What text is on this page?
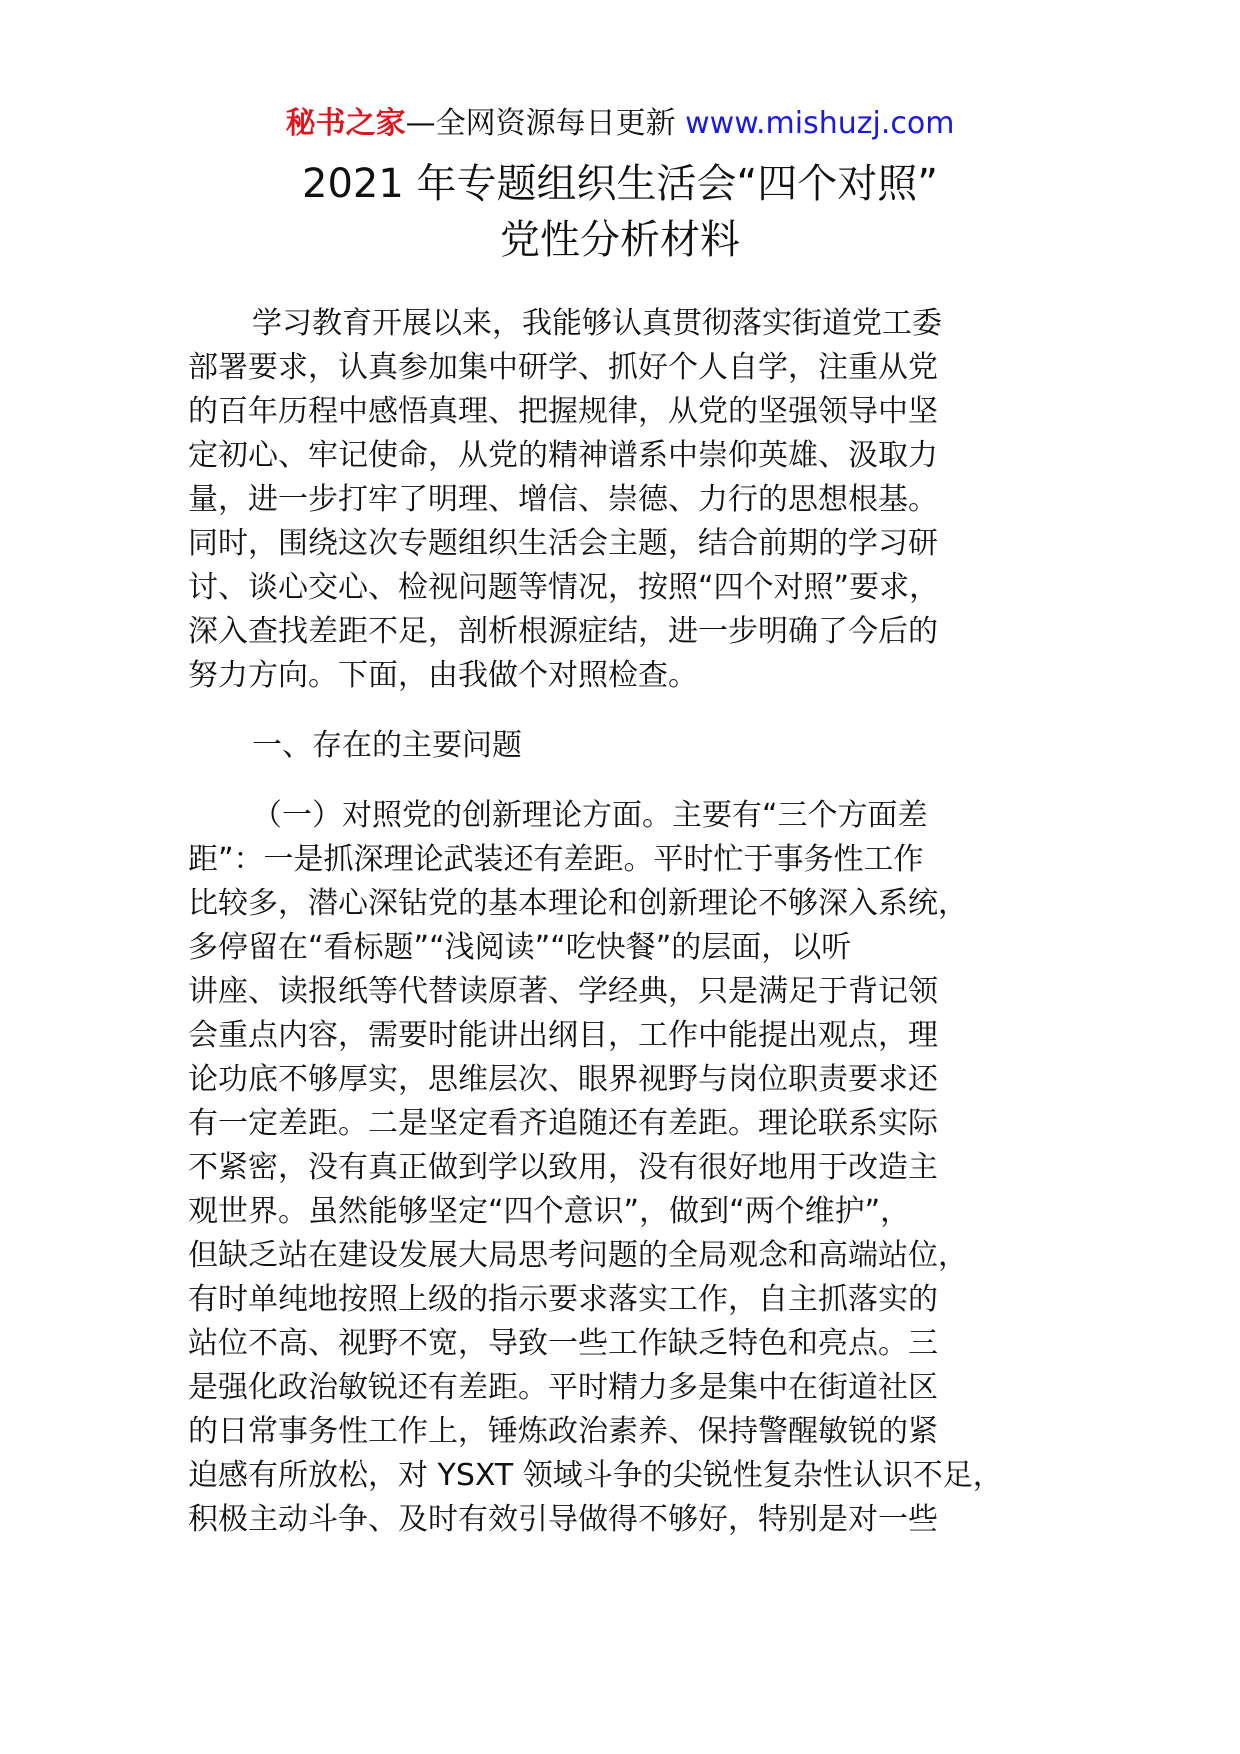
秘书之家—全网资源每日更新 www.mishuzj.com
2021 年专题组织生活会“四个对照”
党性分析材料
学习教育开展以来，我能够认真贯彻落实街道党工委
部署要求，认真参加集中研学、抓好个人自学，注重从党
的百年历程中感悟真理、把握规律，从党的坚强领导中坚
定初心、牢记使命，从党的精神谱系中崇仰英雄、汲取力
量，进一步打牢了明理、增信、崇德、力行的思想根基。
同时，围绕这次专题组织生活会主题，结合前期的学习研
讨、谈心交心、检视问题等情况，按照“四个对照”要求，
深入查找差距不足，剖析根源症结，进一步明确了今后的
努力方向。下面，由我做个对照检查。
一、存在的主要问题
（一）对照党的创新理论方面。主要有“三个方面差
距”：一是抓深理论武装还有差距。平时忙于事务性工作
比较多，潜心深钻党的基本理论和创新理论不够深入系统，
多停留在“看标题”“浅阅读”“吃快餐”的层面，以听
讲座、读报纸等代替读原著、学经典，只是满足于背记领
会重点内容，需要时能讲出纲目，工作中能提出观点，理
论功底不够厚实，思维层次、眼界视野与岗位职责要求还
有一定差距。二是坚定看齐追随还有差距。理论联系实际
不紧密，没有真正做到学以致用，没有很好地用于改造主
观世界。虽然能够坚定“四个意识”，做到“两个维护”，
但缺乏站在建设发展大局思考问题的全局观念和高端站位，
有时单纯地按照上级的指示要求落实工作，自主抓落实的
站位不高、视野不宽，导致一些工作缺乏特色和亮点。三
是强化政治敏锐还有差距。平时精力多是集中在街道社区
的日常事务性工作上，锤炼政治素养、保持警醒敏锐的紧
迫感有所放松，对 YSXT 领域斗争的尖锐性复杂性认识不足，
积极主动斗争、及时有效引导做得不够好，特别是对一些
